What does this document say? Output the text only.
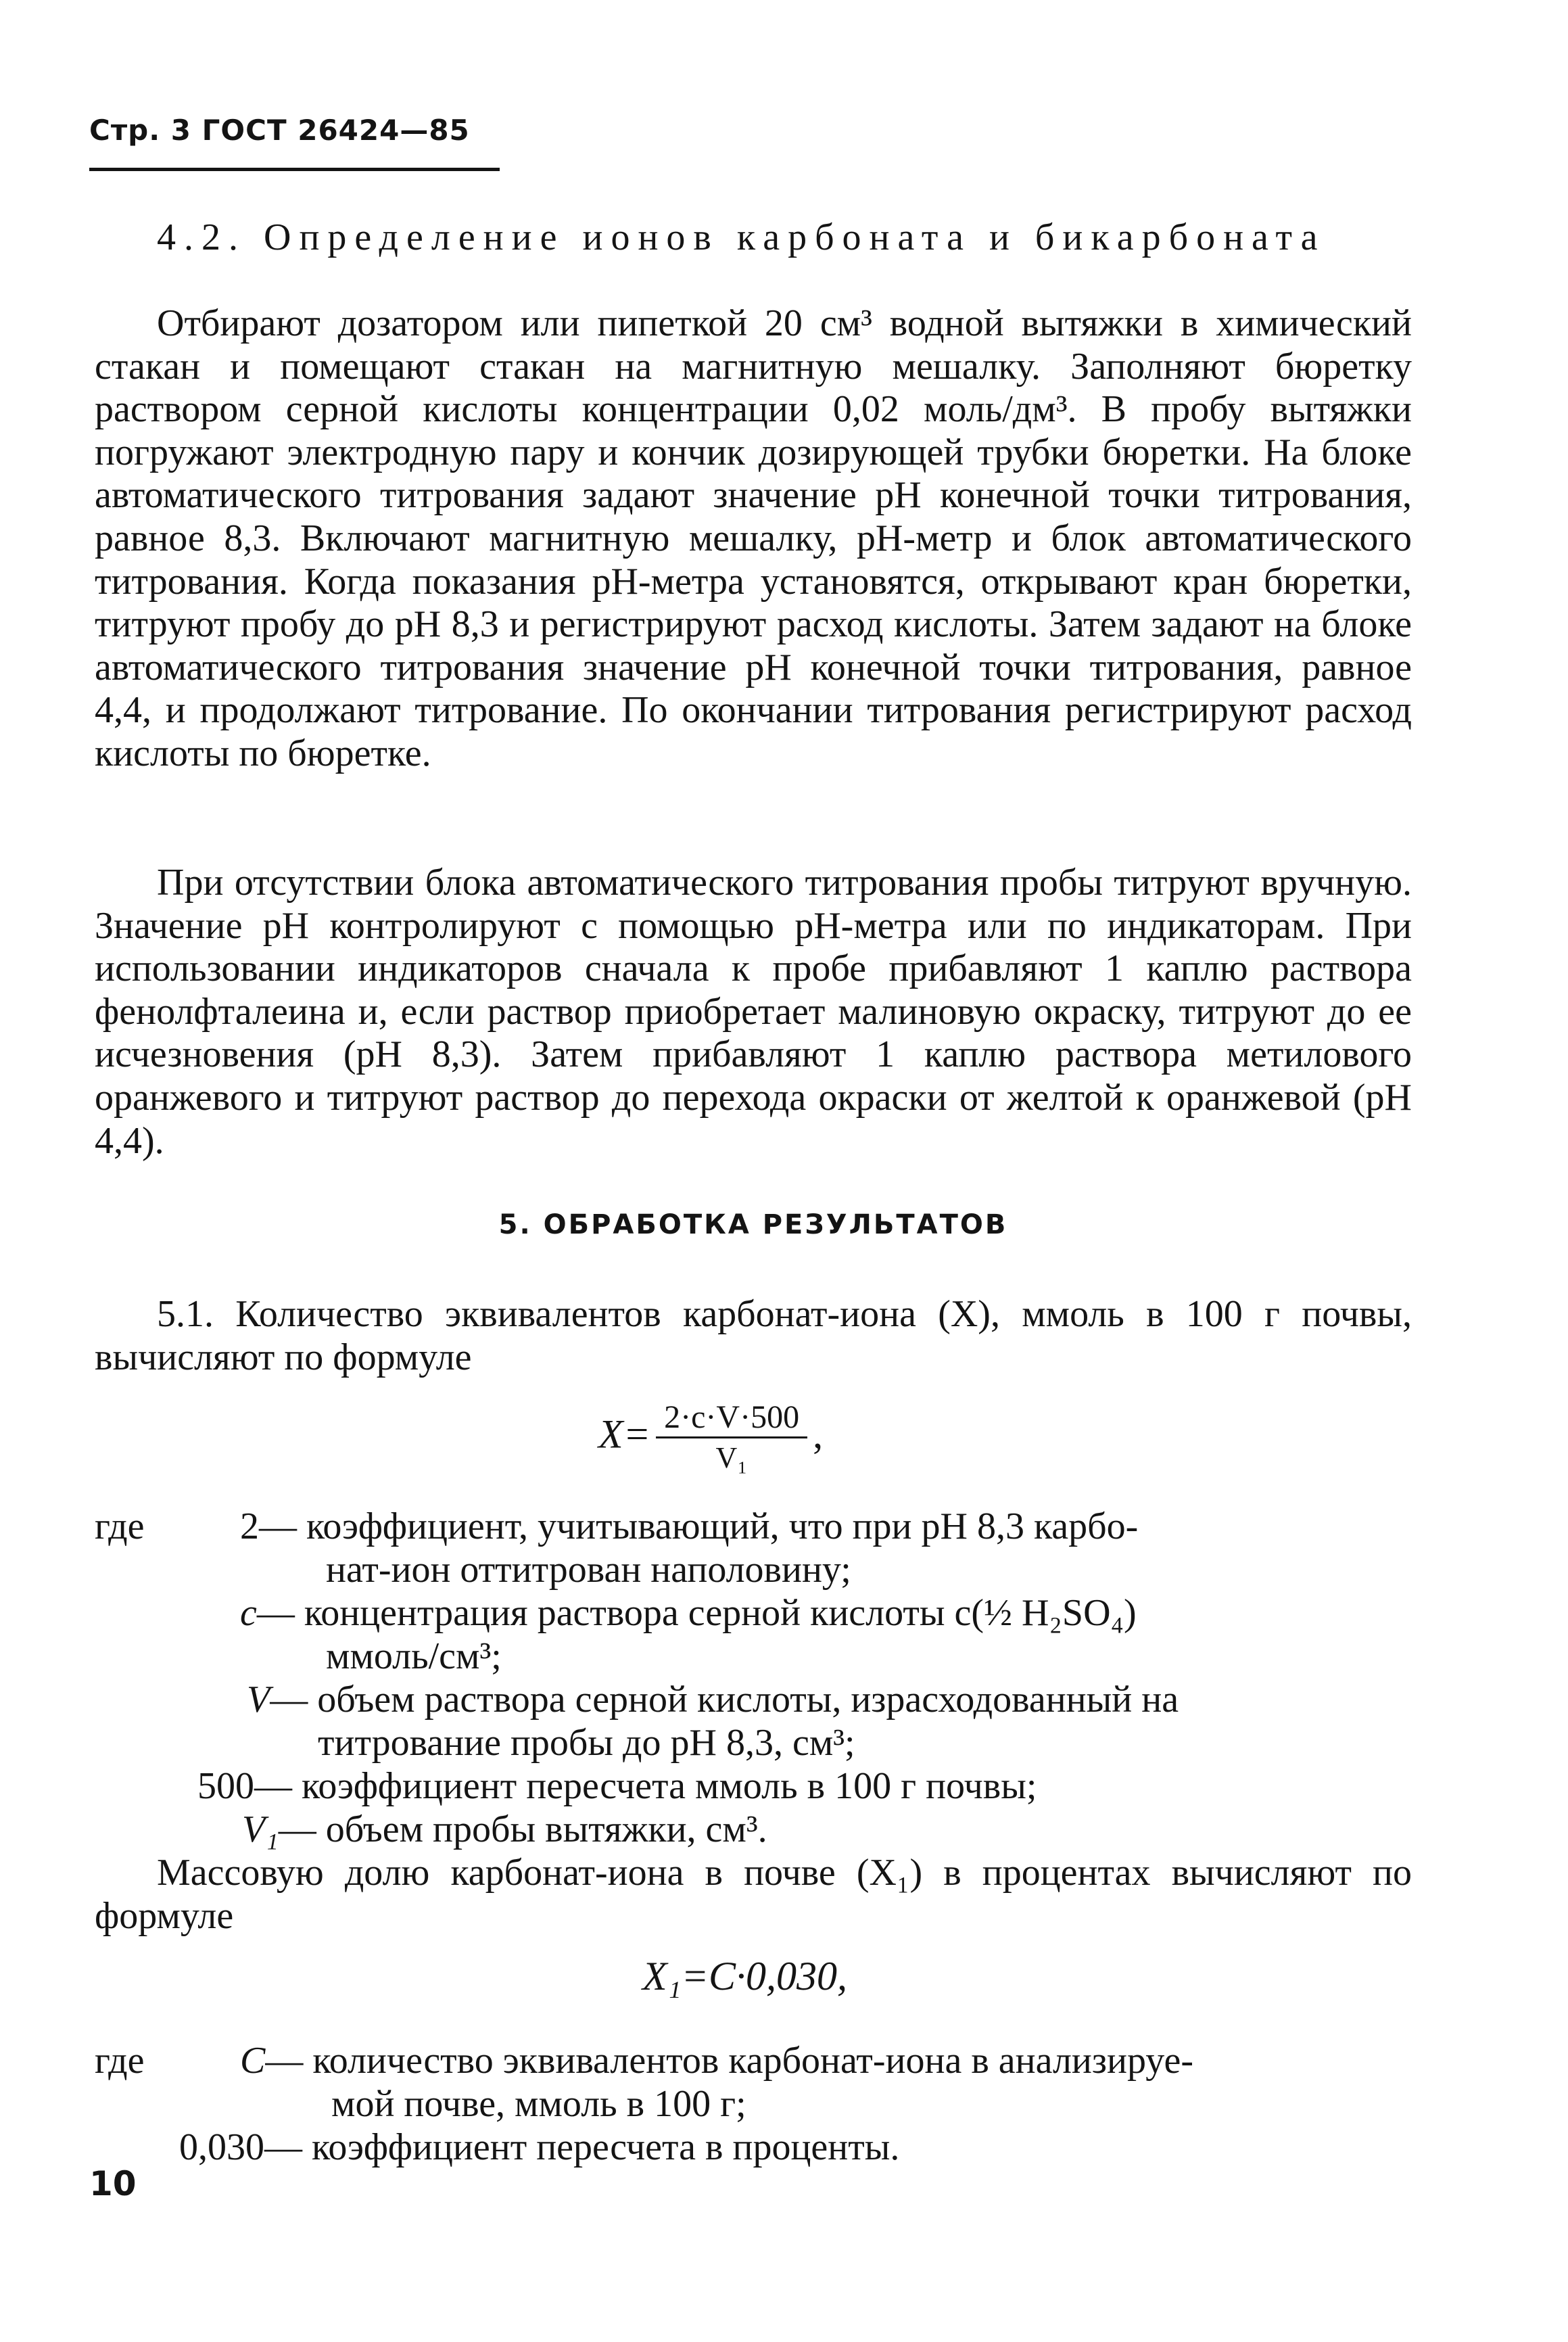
Стр. 3 ГОСТ 26424—85
4.2. Определение ионов карбоната и бикарбоната
Отбирают дозатором или пипеткой 20 см³ водной вытяжки в химический стакан и помещают стакан на магнитную мешалку. Заполняют бюретку раствором серной кислоты концентрации 0,02 моль/дм³. В пробу вытяжки погружают электродную пару и кончик дозирующей трубки бюретки. На блоке автоматического титрования задают значение рН конечной точки титрования, равное 8,3. Включают магнитную мешалку, рН-метр и блок автоматического титрования. Когда показания рН-метра установятся, открывают кран бюретки, титруют пробу до рН 8,3 и регистрируют расход кислоты. Затем задают на блоке автоматического титрования значение рН конечной точки титрования, равное 4,4, и продолжают титрование. По окончании титрования регистрируют расход кислоты по бюретке.
При отсутствии блока автоматического титрования пробы титруют вручную. Значение рН контролируют с помощью рН-метра или по индикаторам. При использовании индикаторов сначала к пробе прибавляют 1 каплю раствора фенолфталеина и, если раствор приобретает малиновую окраску, титруют до ее исчезновения (рН 8,3). Затем прибавляют 1 каплю раствора метилового оранжевого и титруют раствор до перехода окраски от желтой к оранжевой (рН 4,4).
5. ОБРАБОТКА РЕЗУЛЬТАТОВ
5.1. Количество эквивалентов карбонат-иона (X), ммоль в 100 г почвы, вычисляют по формуле
$X= \frac{2\cdot c\cdot V\cdot 500}{\text{V₁}}$ ,
где	2— коэффициент, учитывающий, что при рН 8,3 карбо-
нат-ион оттитрован наполовину;
c— концентрация раствора серной кислоты с(½ H₂SO₄)
ммоль/см³;
V— объем раствора серной кислоты, израсходованный на
титрование пробы до рН 8,3, см³;
500— коэффициент пересчета ммоль в 100 г почвы;
V₁— объем пробы вытяжки, см³.
Массовую долю карбонат-иона в почве (X₁) в процентах вычисляют по формуле
X₁=C·0,030,
где	C— количество эквивалентов карбонат-иона в анализируе-
мой почве, ммоль в 100 г;
0,030— коэффициент пересчета в проценты.
10
